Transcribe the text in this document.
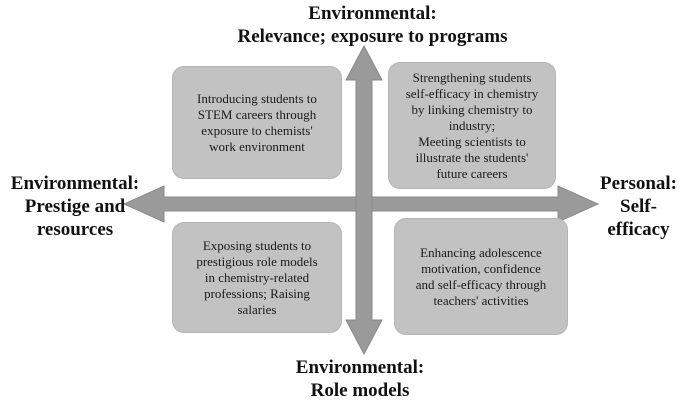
Environmental:
Relevance; exposure to programs
Environmental:
Role models
Environmental:
Prestige and
resources
Personal:
Self-
efficacy
Introducing students to
STEM careers through
exposure to chemists'
work environment
Strengthening students
self-efficacy in chemistry
by linking chemistry to
industry;
Meeting scientists to
illustrate the students'
future careers
Exposing students to
prestigious role models
in chemistry-related
professions; Raising
salaries
Enhancing adolescence
motivation, confidence
and self-efficacy through
teachers' activities
